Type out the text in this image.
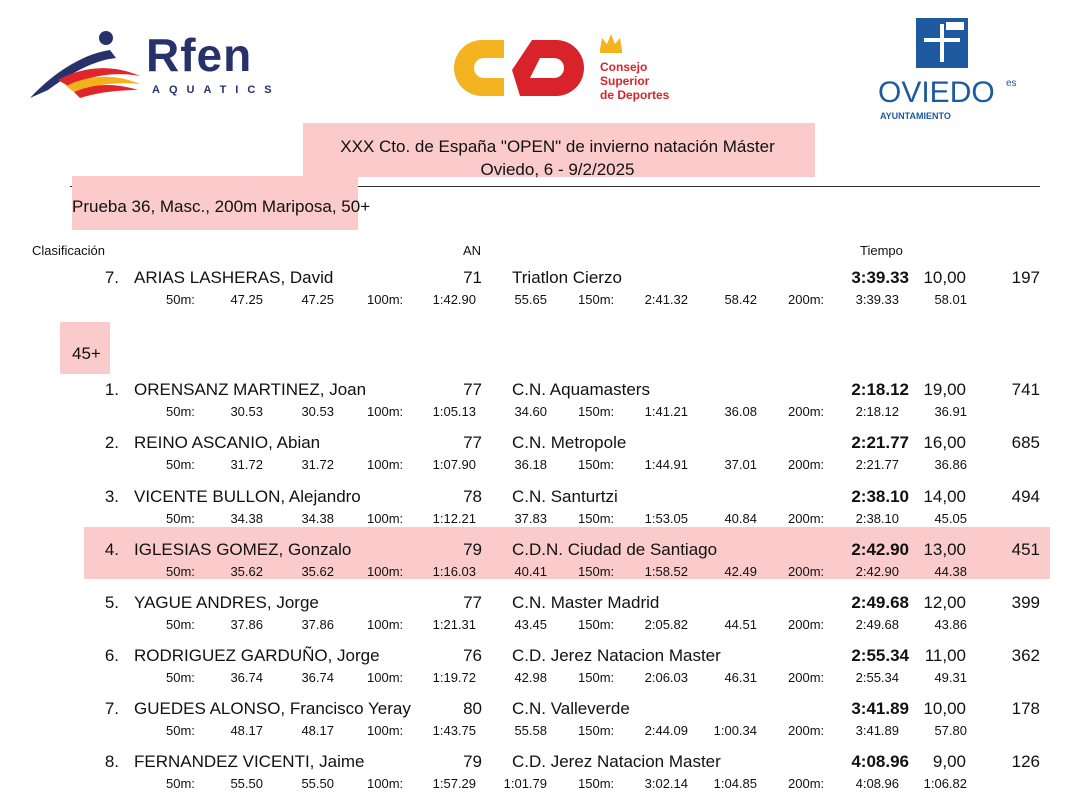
Rfen
AQUATICS
Consejo
Superior
de Deportes	OVIEDO es
AYUNTAMIENTO
XXX Cto. de España "OPEN" de invierno natación Máster
Oviedo, 6 - 9/2/2025
Prueba 36, Masc., 200m Mariposa, 50+
Clasificación	AN	Tiempo
7. ARIAS LASHERAS, David	71 Triatlon Cierzo	3:39.33 10,00	197
50m:	47.25	47.25	100m:	1:42.90	55.65 150m:	2:41.32	58.42 200m:	3:39.33	58.01
45+
1. ORENSANZ MARTINEZ, Joan	77 C.N. Aquamasters	2:18.12 19,00	741
50m:	30.53	30.53	100m:	1:05.13	34.60 150m:	1:41.21	36.08 200m:	2:18.12	36.91
2. REINO ASCANIO, Abian	77 C.N. Metropole	2:21.77 16,00	685
50m:	31.72	31.72	100m:	1:07.90	36.18 150m:	1:44.91	37.01 200m:	2:21.77	36.86
3. VICENTE BULLON, Alejandro	78 C.N. Santurtzi	2:38.10 14,00	494
50m:	34.38	34.38	100m:	1:12.21	37.83 150m:	1:53.05	40.84 200m:	2:38.10	45.05
4. IGLESIAS GOMEZ, Gonzalo	79 C.D.N. Ciudad de Santiago	2:42.90 13,00	451
50m:	35.62	35.62	100m:	1:16.03	40.41 150m:	1:58.52	42.49 200m:	2:42.90	44.38
5. YAGUE ANDRES, Jorge	77 C.N. Master Madrid	2:49.68 12,00	399
50m:	37.86	37.86	100m:	1:21.31	43.45 150m:	2:05.82	44.51 200m:	2:49.68	43.86
6. RODRIGUEZ GARDUÑO, Jorge	76 C.D. Jerez Natacion Master	2:55.34 11,00	362
50m:	36.74	36.74	100m:	1:19.72	42.98 150m:	2:06.03	46.31 200m:	2:55.34	49.31
7. GUEDES ALONSO, Francisco Yeray	80 C.N. Valleverde	3:41.89 10,00	178
50m:	48.17	48.17	100m:	1:43.75	55.58 150m:	2:44.09	1:00.34 200m:	3:41.89	57.80
8. FERNANDEZ VICENTI, Jaime	79 C.D. Jerez Natacion Master	4:08.96	9,00	126
50m:	55.50	55.50	100m:	1:57.29	1:01.79 150m:	3:02.14	1:04.85 200m:	4:08.96	1:06.82
